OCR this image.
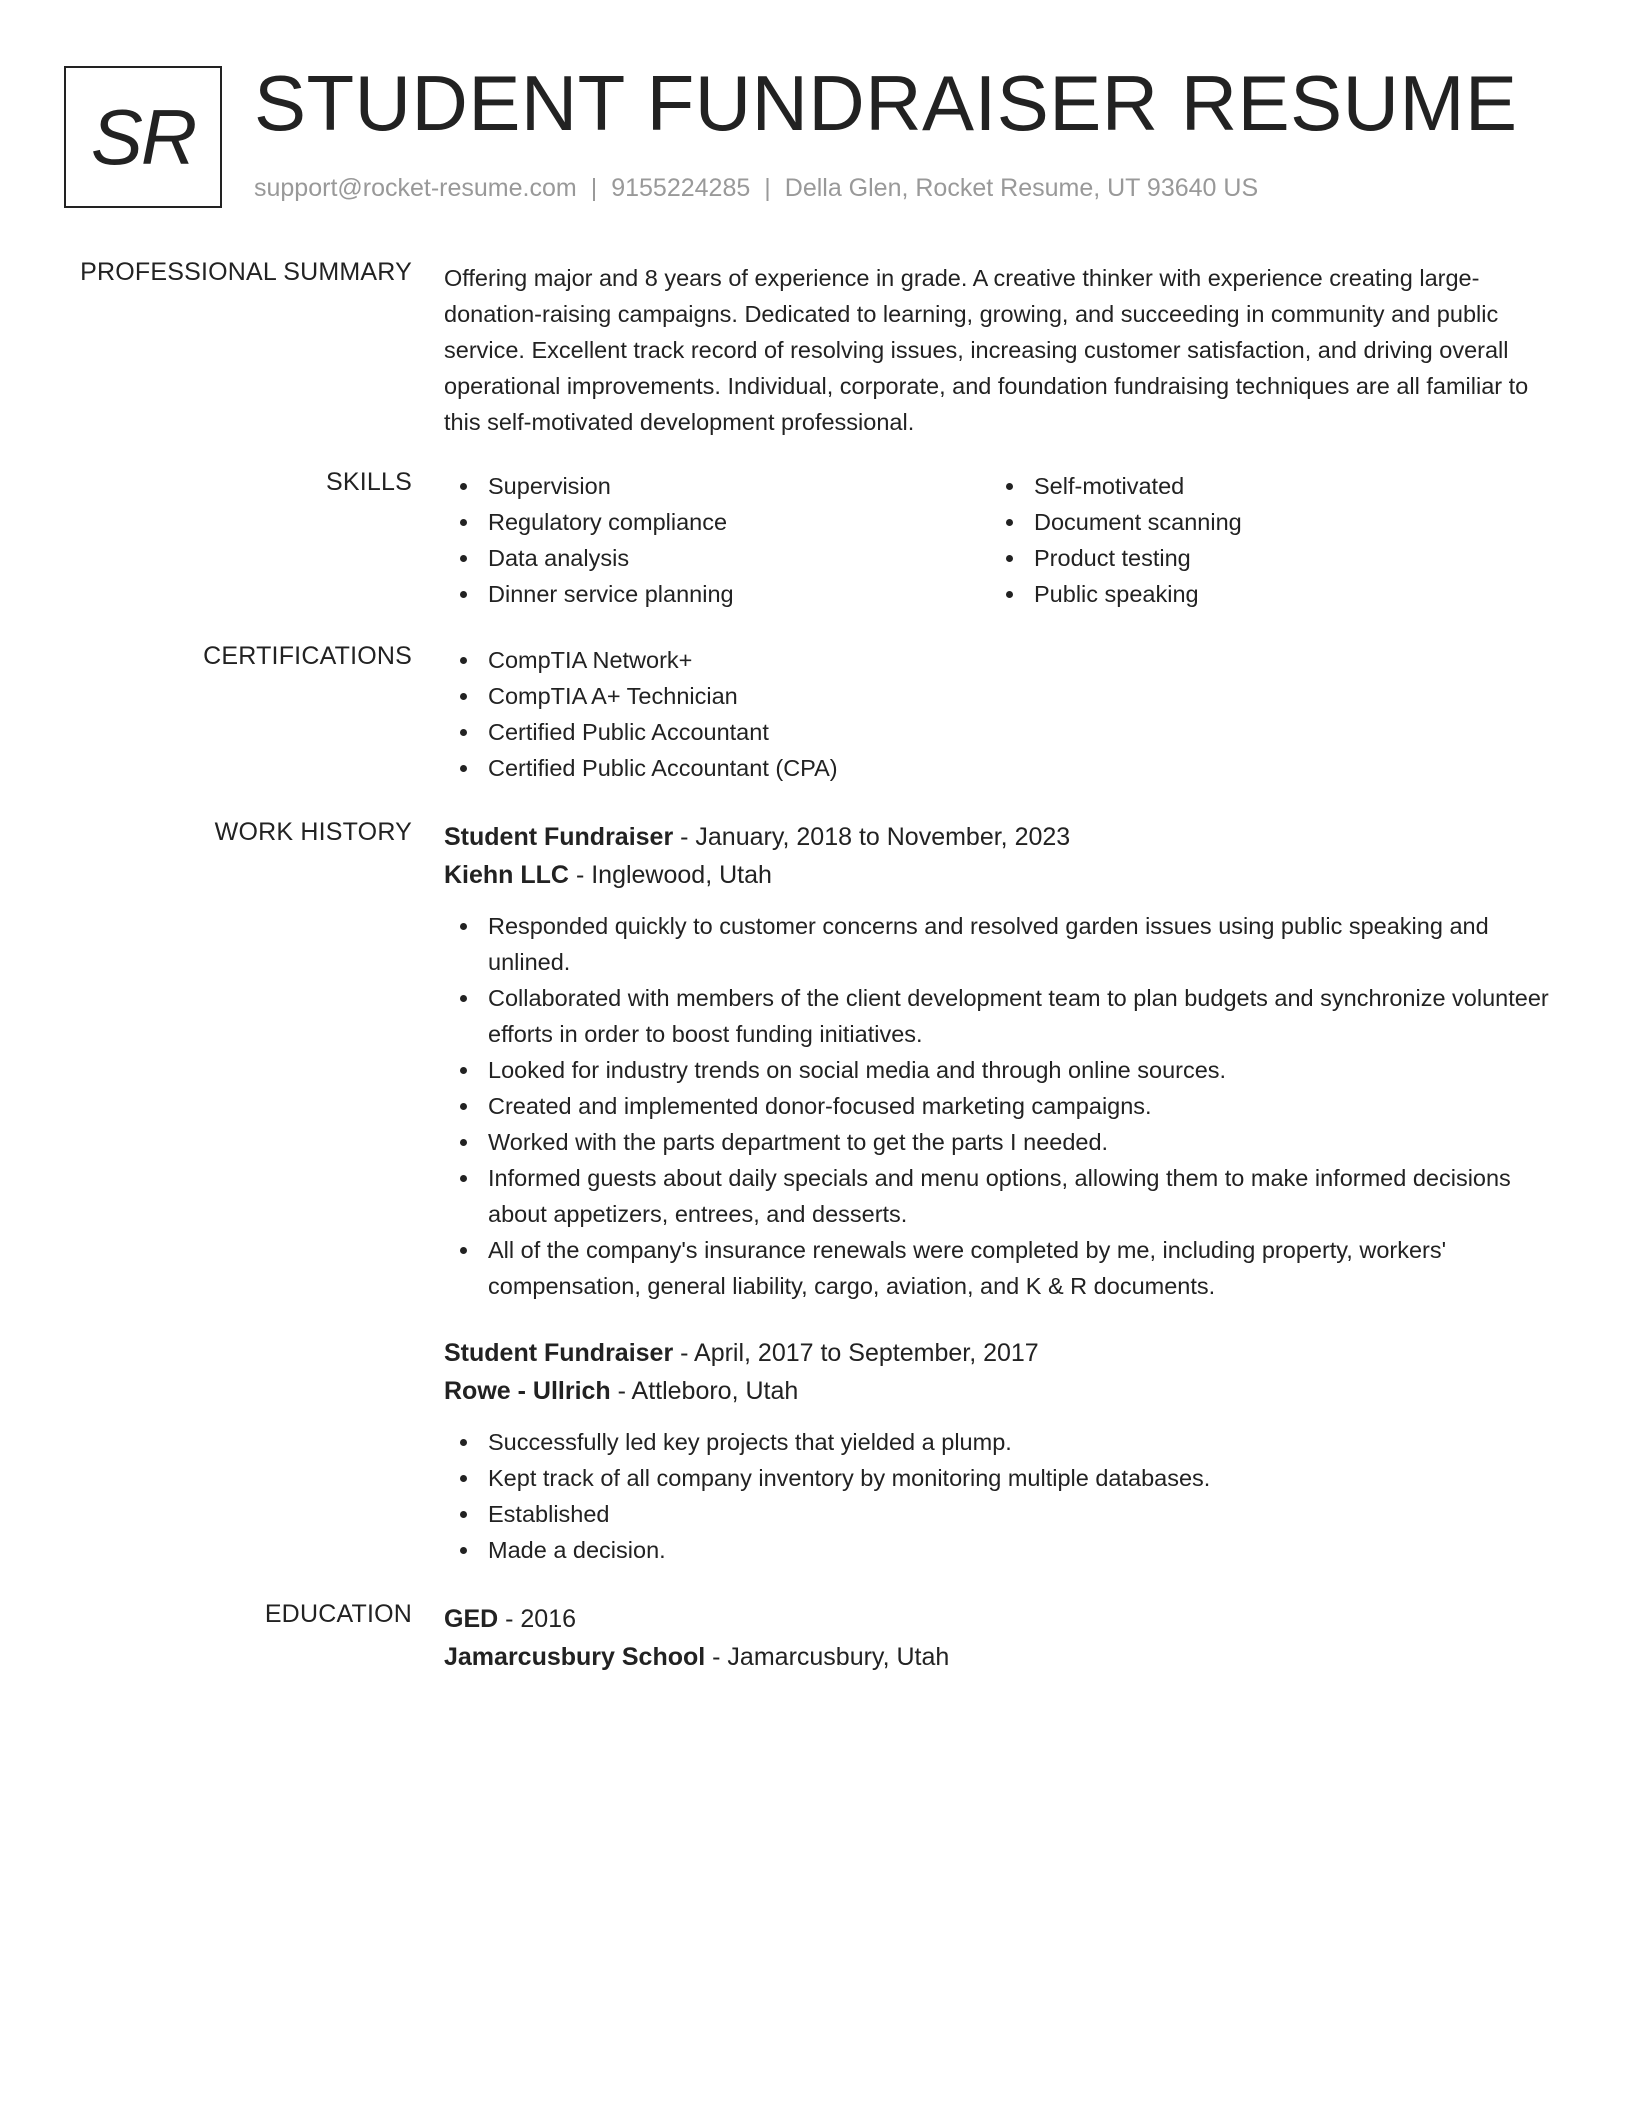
SR STUDENT FUNDRAISER RESUME
support@rocket-resume.com | 9155224285 | Della Glen, Rocket Resume, UT 93640 US
PROFESSIONAL SUMMARY Offering major and 8 years of experience in grade. A creative thinker with experience creating large-donation-raising campaigns. Dedicated to learning, growing, and succeeding in community and public service. Excellent track record of resolving issues, increasing customer satisfaction, and driving overall operational improvements. Individual, corporate, and foundation fundraising techniques are all familiar to this self-motivated development professional.
SKILLS	Supervision
Regulatory compliance
Data analysis
Dinner service planning
Self-motivated
Document scanning
Product testing
Public speaking
CERTIFICATIONS	CompTIA Network+
CompTIA A+ Technician
Certified Public Accountant
Certified Public Accountant (CPA)
WORK HISTORY Student Fundraiser - January, 2018 to November, 2023
Kiehn LLC - Inglewood, Utah
Responded quickly to customer concerns and resolved garden issues using public speaking and unlined.
Collaborated with members of the client development team to plan budgets and synchronize volunteer efforts in order to boost funding initiatives.
Looked for industry trends on social media and through online sources.
Created and implemented donor-focused marketing campaigns.
Worked with the parts department to get the parts I needed.
Informed guests about daily specials and menu options, allowing them to make informed decisions about appetizers, entrees, and desserts.
All of the company's insurance renewals were completed by me, including property, workers' compensation, general liability, cargo, aviation, and K & R documents.
Student Fundraiser - April, 2017 to September, 2017
Rowe - Ullrich - Attleboro, Utah
Successfully led key projects that yielded a plump.
Kept track of all company inventory by monitoring multiple databases.
Established
Made a decision.
EDUCATION GED - 2016
Jamarcusbury School - Jamarcusbury, Utah
